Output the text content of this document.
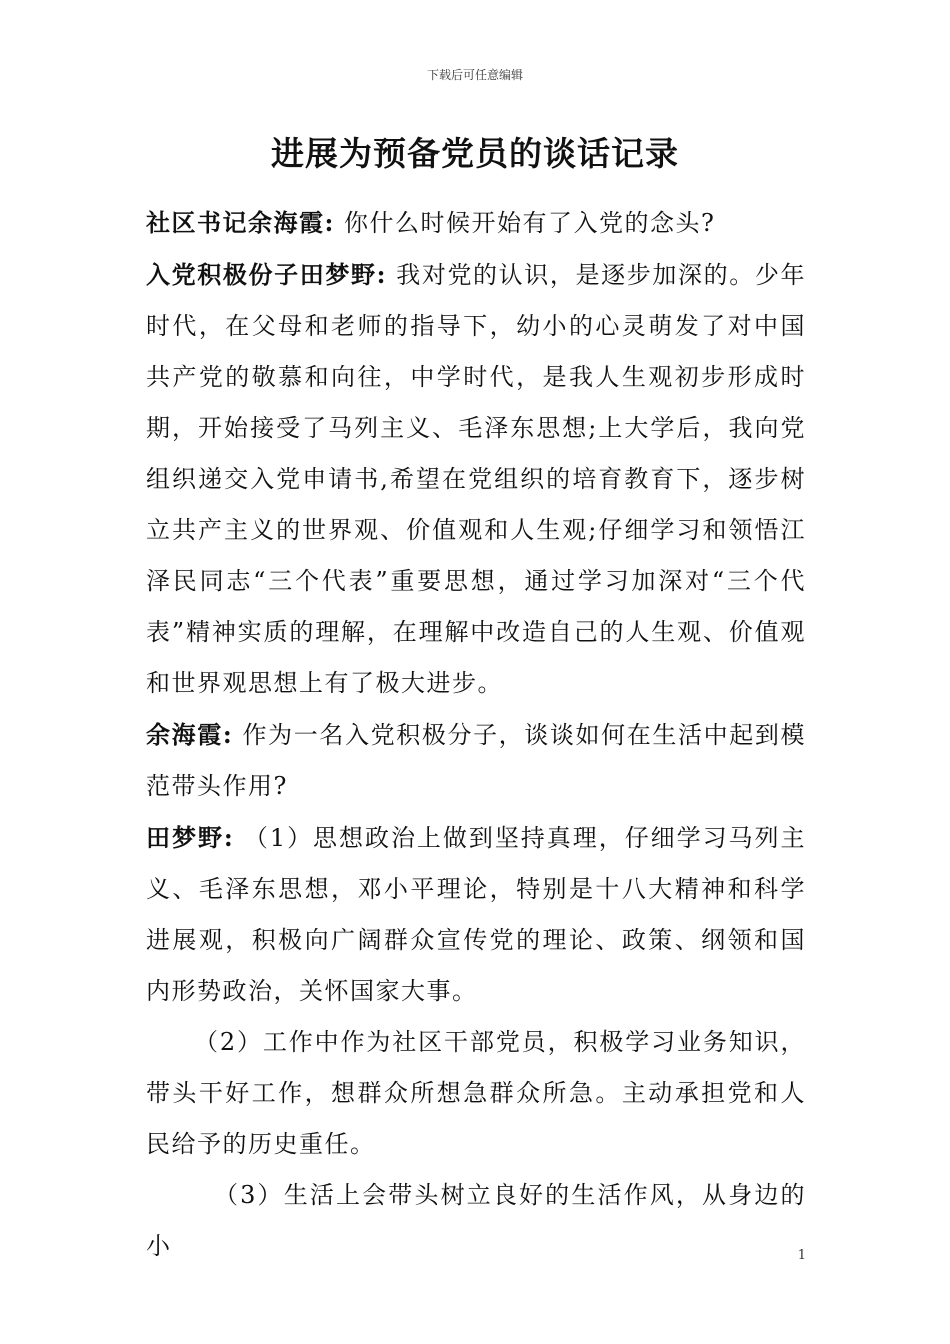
下载后可任意编辑
进展为预备党员的谈话记录

社区书记余海霞: 你什么时候开始有了入党的念头?

入党积极份子田梦野: 我对党的认识，是逐步加深的。少年时代，在父母和老师的指导下，幼小的心灵萌发了对中国共产党的敬慕和向往，中学时代，是我人生观初步形成时期，开始接受了马列主义、毛泽东思想;上大学后，我向党组织递交入党申请书,希望在党组织的培育教育下，逐步树立共产主义的世界观、价值观和人生观;仔细学习和领悟江泽民同志“三个代表”重要思想，通过学习加深对“三个代表”精神实质的理解，在理解中改造自己的人生观、价值观和世界观思想上有了极大进步。

余海霞: 作为一名入党积极分子，谈谈如何在生活中起到模范带头作用?

田梦野: （1）思想政治上做到坚持真理，仔细学习马列主义、毛泽东思想，邓小平理论，特别是十八大精神和科学进展观，积极向广阔群众宣传党的理论、政策、纲领和国内形势政治，关怀国家大事。

（2）工作中作为社区干部党员，积极学习业务知识，带头干好工作，想群众所想急群众所急。主动承担党和人民给予的历史重任。

（3）生活上会带头树立良好的生活作风，从身边的小	1
